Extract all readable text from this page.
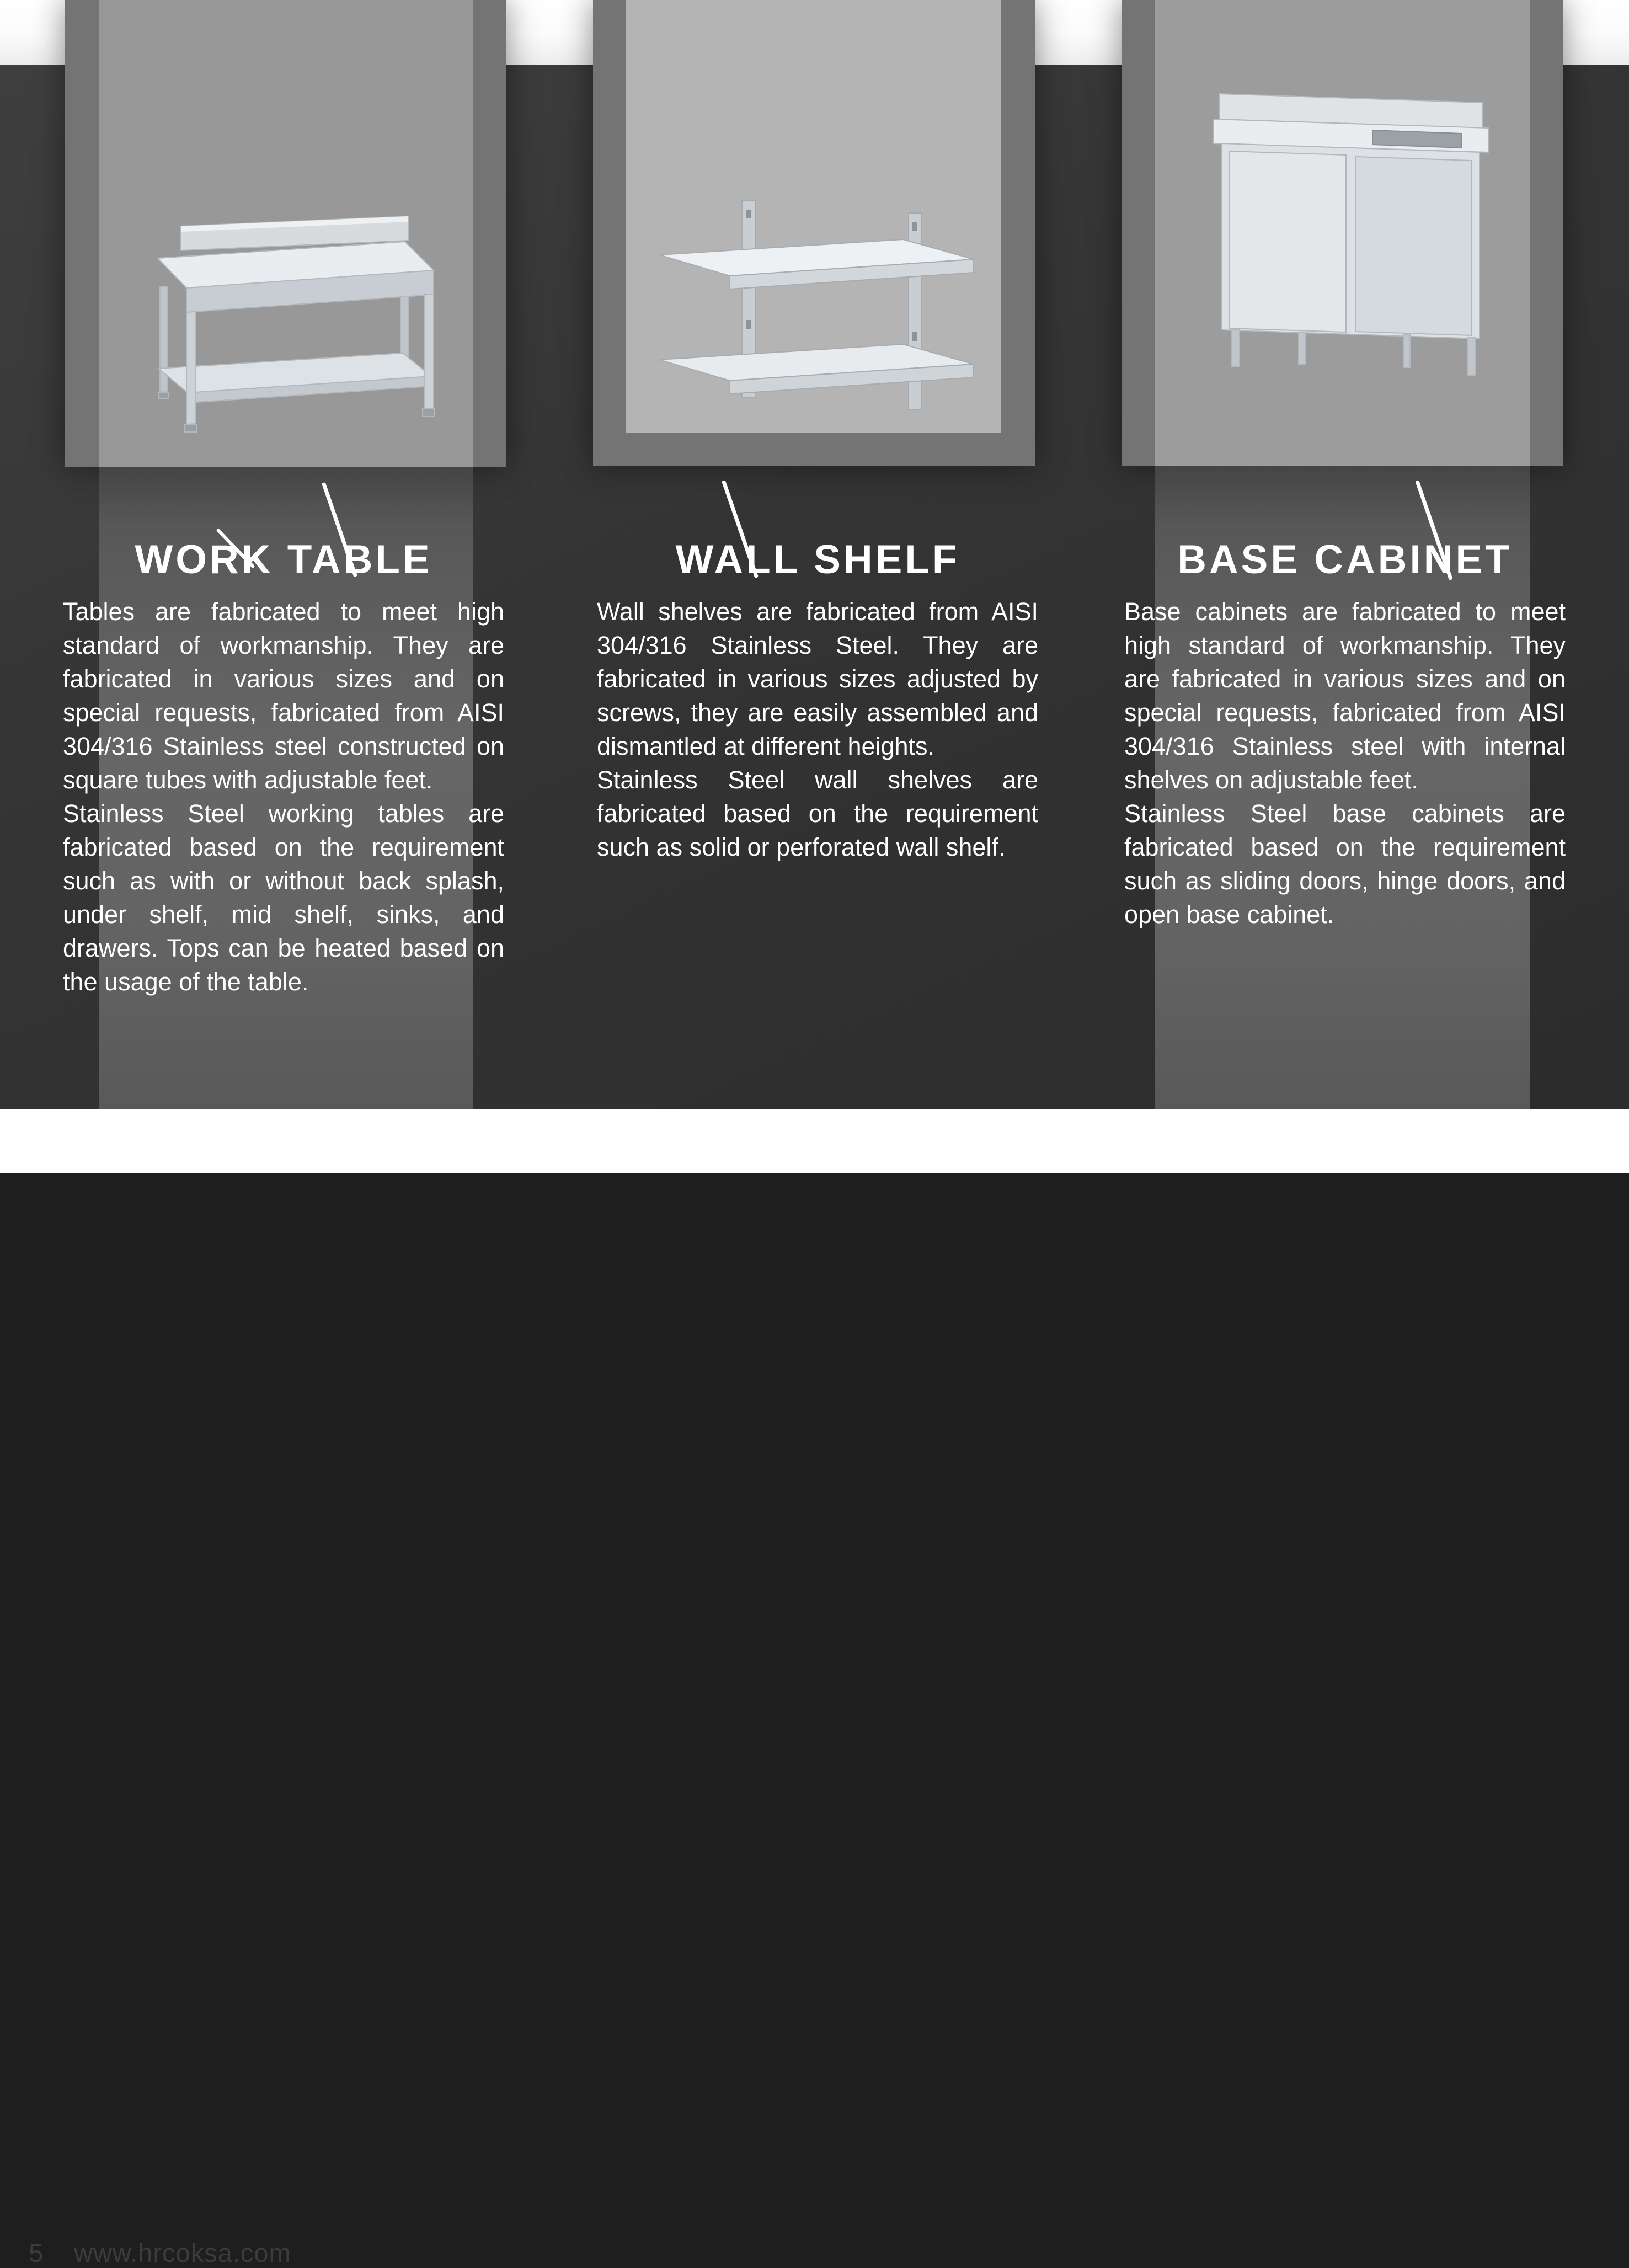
WORK TABLE	WALL SHELF	BASE CABINET

Tables are fabricated to meet high standard of workmanship. They are fabricated in various sizes and on special requests, fabricated from AISI 304/316 Stainless steel constructed on square tubes with adjustable feet.

Stainless Steel working tables are fabricated based on the requirement such as with or without back splash, under shelf, mid shelf, sinks, and drawers. Tops can be heated based on the usage of the table.

Wall shelves are fabricated from AISI 304/316 Stainless Steel. They are fabricated in various sizes adjusted by screws, they are easily assembled and dismantled at different heights.

Stainless Steel wall shelves are fabricated based on the requirement such as solid or perforated wall shelf.

Base cabinets are fabricated to meet high standard of workmanship. They are fabricated in various sizes and on special requests, fabricated from AISI 304/316 Stainless steel with internal shelves on adjustable feet.

Stainless Steel base cabinets are fabricated based on the requirement such as sliding doors, hinge doors, and open base cabinet.

5	www.hrcoksa.com
